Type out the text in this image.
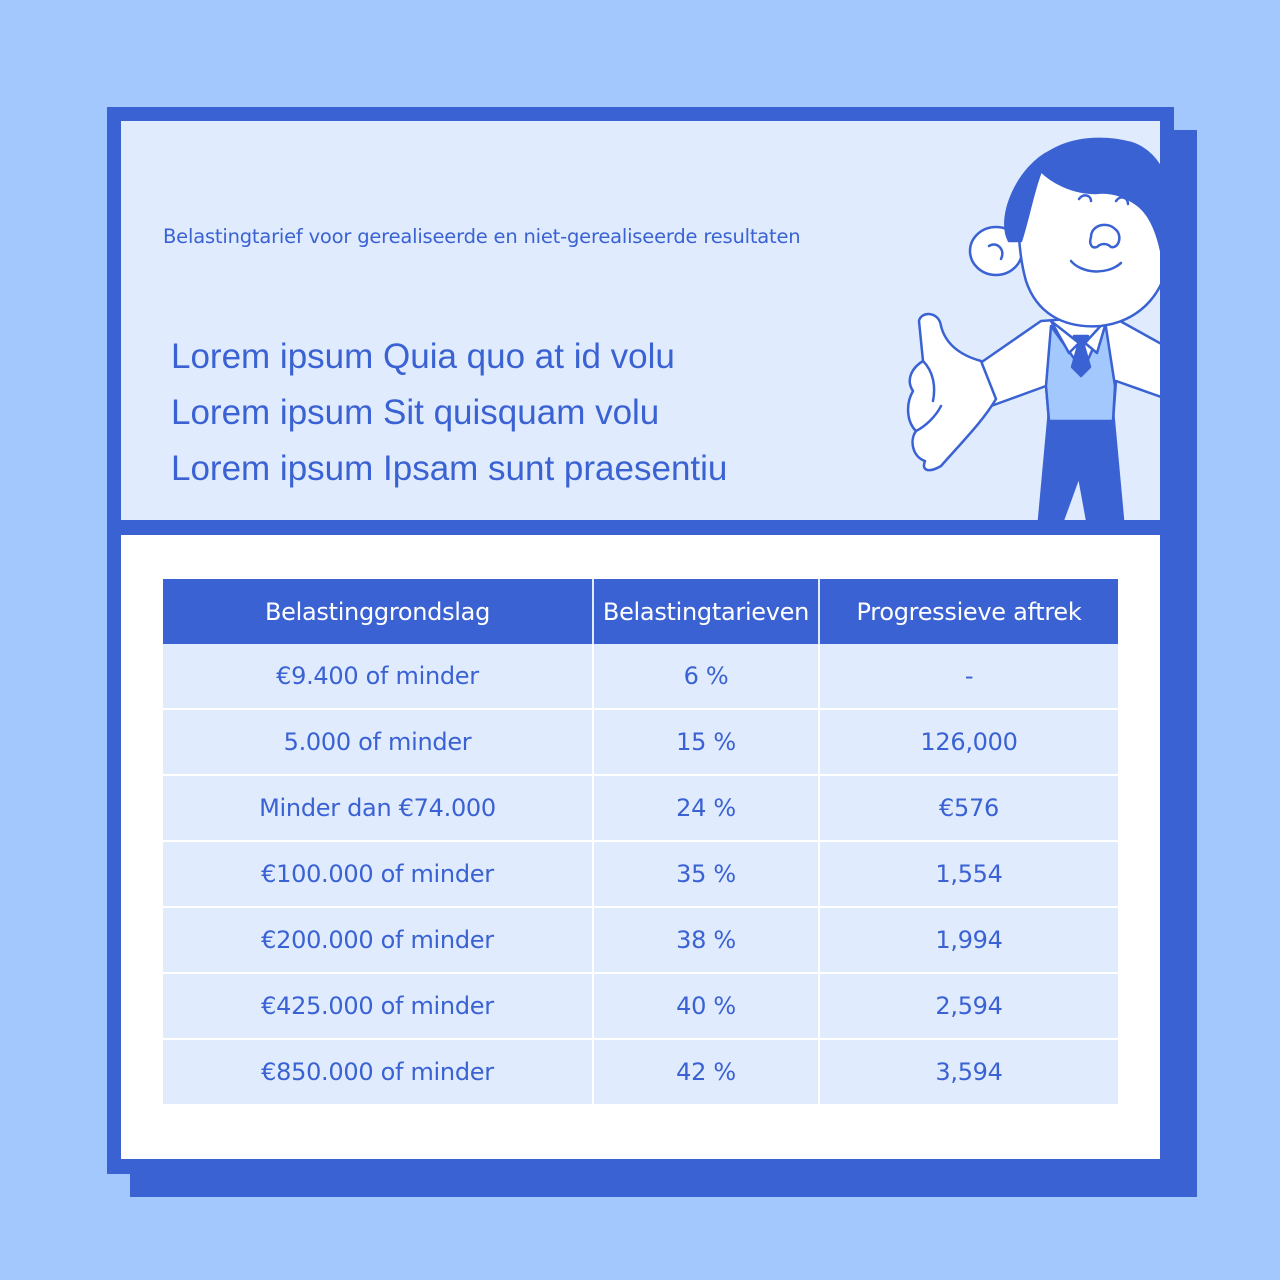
Belastingtarief voor gerealiseerde en niet-gerealiseerde resultaten
Lorem ipsum Quia quo at id volu
Lorem ipsum Sit quisquam volu
Lorem ipsum Ipsam sunt praesentiu
Belastinggrondslag	Belastingtarieven	Progressieve aftrek
€9.400 of minder	6 %	-
5.000 of minder	15 %	126,000
Minder dan €74.000	24 %	€576
€100.000 of minder	35 %	1,554
€200.000 of minder	38 %	1,994
€425.000 of minder	40 %	2,594
€850.000 of minder	42 %	3,594
